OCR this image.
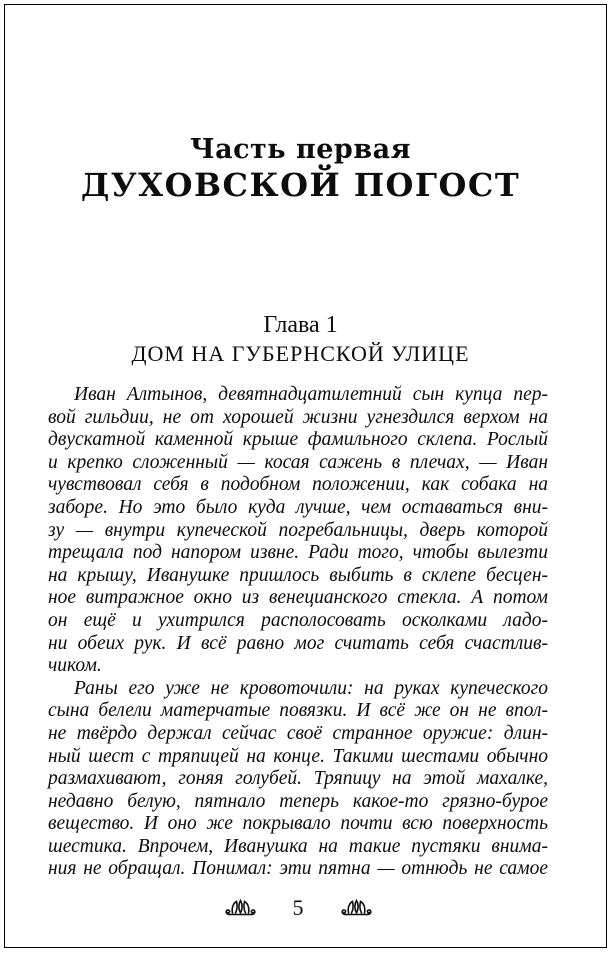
Часть первая
ДУХОВСКОЙ ПОГОСТ
Глава 1
ДОМ НА ГУБЕРНСКОЙ УЛИЦЕ
Иван Алтынов, девятнадцатилетний сын купца пер-
вой гильдии, не от хорошей жизни угнездился верхом на
двускатной каменной крыше фамильного склепа. Рослый
и крепко сложенный — косая сажень в плечах, — Иван
чувствовал себя в подобном положении, как собака на
заборе. Но это было куда лучше, чем оставаться вни-
зу — внутри купеческой погребальницы, дверь которой
трещала под напором извне. Ради того, чтобы вылезти
на крышу, Иванушке пришлось выбить в склепе бесцен-
ное витражное окно из венецианского стекла. А потом
он ещё и ухитрился располосовать осколками ладо-
ни обеих рук. И всё равно мог считать себя счастлив-
чиком.
Раны его уже не кровоточили: на руках купеческого
сына белели матерчатые повязки. И всё же он не впол-
не твёрдо держал сейчас своё странное оружие: длин-
ный шест с тряпицей на конце. Такими шестами обычно
размахивают, гоняя голубей. Тряпицу на этой махалке,
недавно белую, пятнало теперь какое-то грязно-бурое
вещество. И оно же покрывало почти всю поверхность
шестика. Впрочем, Иванушка на такие пустяки внима-
ния не обращал. Понимал: эти пятна — отнюдь не самое
5
